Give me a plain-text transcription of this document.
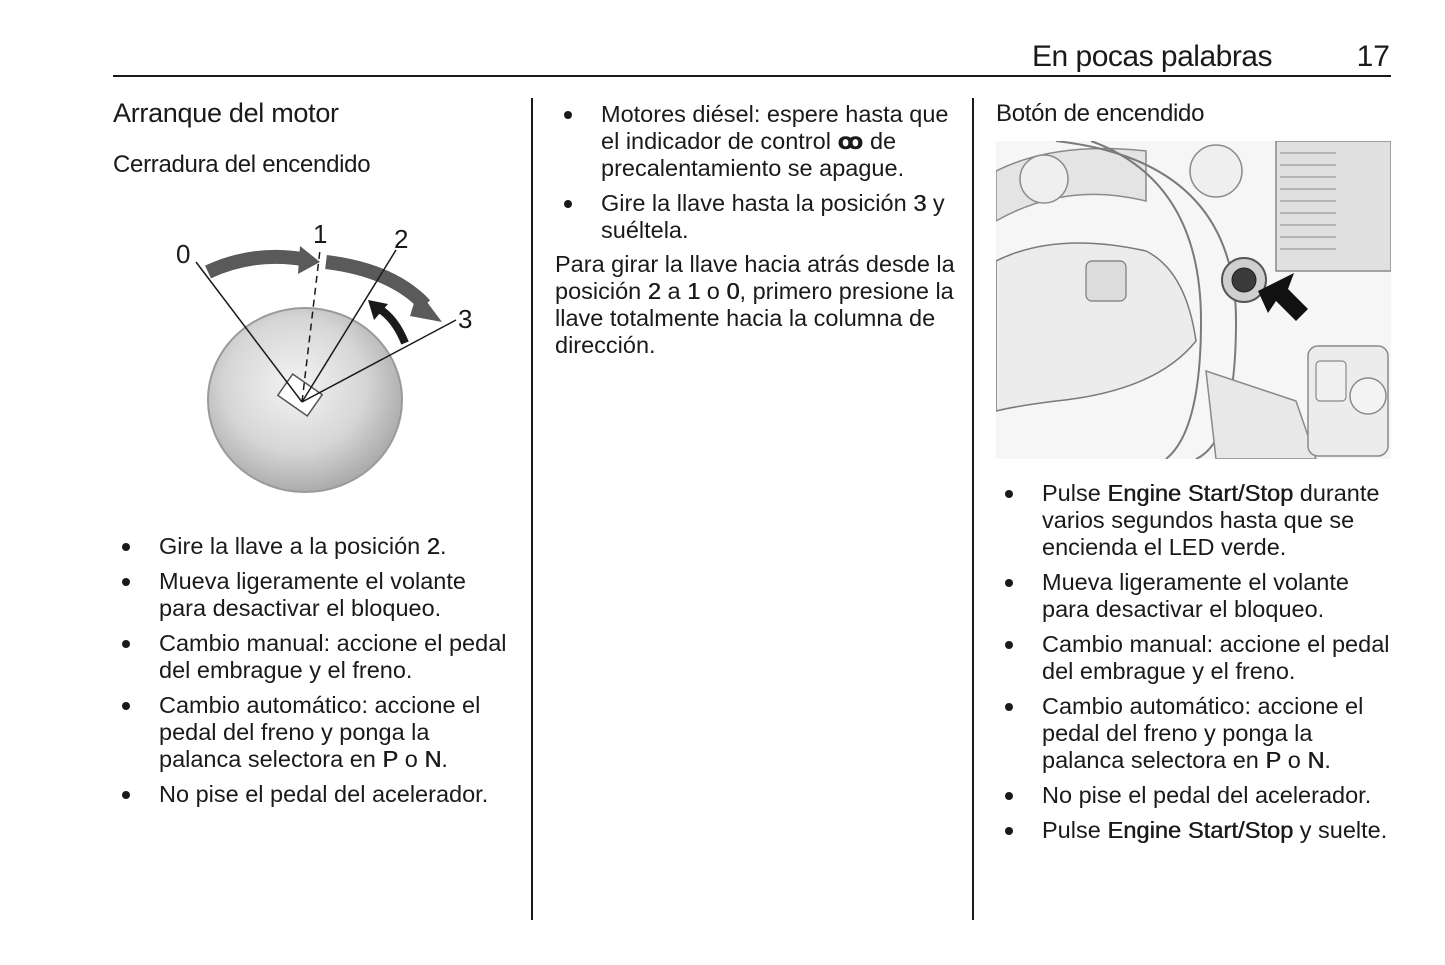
En pocas palabras	17
Arranque del motor
Cerradura del encendido
0
1	2
3
Gire la llave a la posición 2.
Mueva ligeramente el volante para desactivar el bloqueo.
Cambio manual: accione el pedal del embrague y el freno.
Cambio automático: accione el pedal del freno y ponga la palanca selectora en P o N.
No pise el pedal del acelerador.
Motores diésel: espere hasta que el indicador de control ꝏ de precalentamiento se apague.
Gire la llave hasta la posición 3 y suéltela.
Para girar la llave hacia atrás desde la posición 2 a 1 o 0, primero presione la llave totalmente hacia la columna de dirección.
Botón de encendido
Pulse Engine Start/Stop durante varios segundos hasta que se encienda el LED verde.
Mueva ligeramente el volante para desactivar el bloqueo.
Cambio manual: accione el pedal del embrague y el freno.
Cambio automático: accione el pedal del freno y ponga la palanca selectora en P o N.
No pise el pedal del acelerador.
Pulse Engine Start/Stop y suelte.
